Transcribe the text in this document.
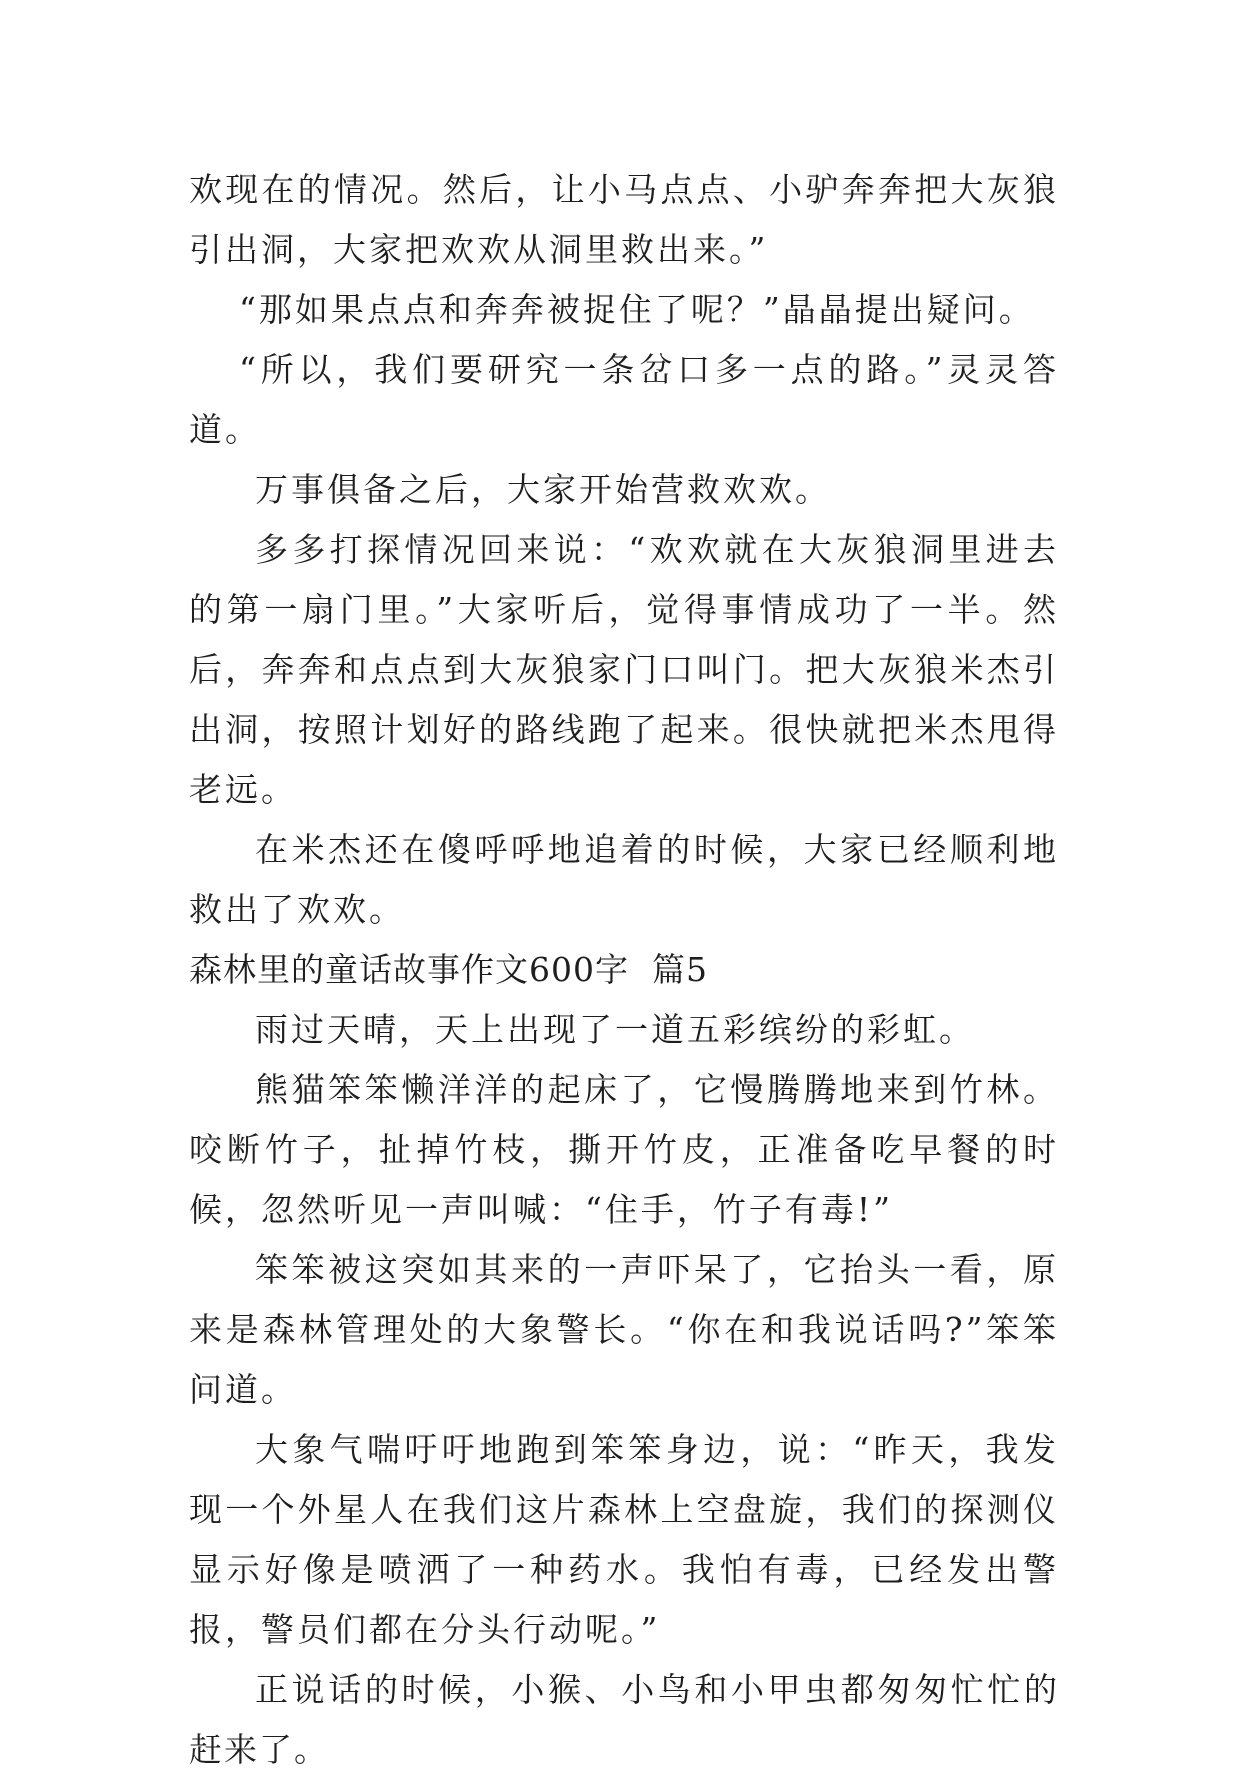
欢现在的情况。然后，让小马点点、小驴奔奔把大灰狼引出洞，大家把欢欢从洞里救出来。”

“那如果点点和奔奔被捉住了呢？”晶晶提出疑问。

“所以，我们要研究一条岔口多一点的路。”灵灵答道。

万事俱备之后，大家开始营救欢欢。

多多打探情况回来说：“欢欢就在大灰狼洞里进去的第一扇门里。”大家听后，觉得事情成功了一半。然后，奔奔和点点到大灰狼家门口叫门。把大灰狼米杰引出洞，按照计划好的路线跑了起来。很快就把米杰甩得老远。

在米杰还在傻呼呼地追着的时候，大家已经顺利地救出了欢欢。

森林里的童话故事作文600字  篇5

雨过天晴，天上出现了一道五彩缤纷的彩虹。

熊猫笨笨懒洋洋的起床了，它慢腾腾地来到竹林。咬断竹子，扯掉竹枝，撕开竹皮，正准备吃早餐的时候，忽然听见一声叫喊：“住手，竹子有毒!”

笨笨被这突如其来的一声吓呆了，它抬头一看，原来是森林管理处的大象警长。“你在和我说话吗?”笨笨问道。

大象气喘吁吁地跑到笨笨身边，说：“昨天，我发现一个外星人在我们这片森林上空盘旋，我们的探测仪显示好像是喷洒了一种药水。我怕有毒，已经发出警报，警员们都在分头行动呢。”

正说话的时候，小猴、小鸟和小甲虫都匆匆忙忙的赶来了。
